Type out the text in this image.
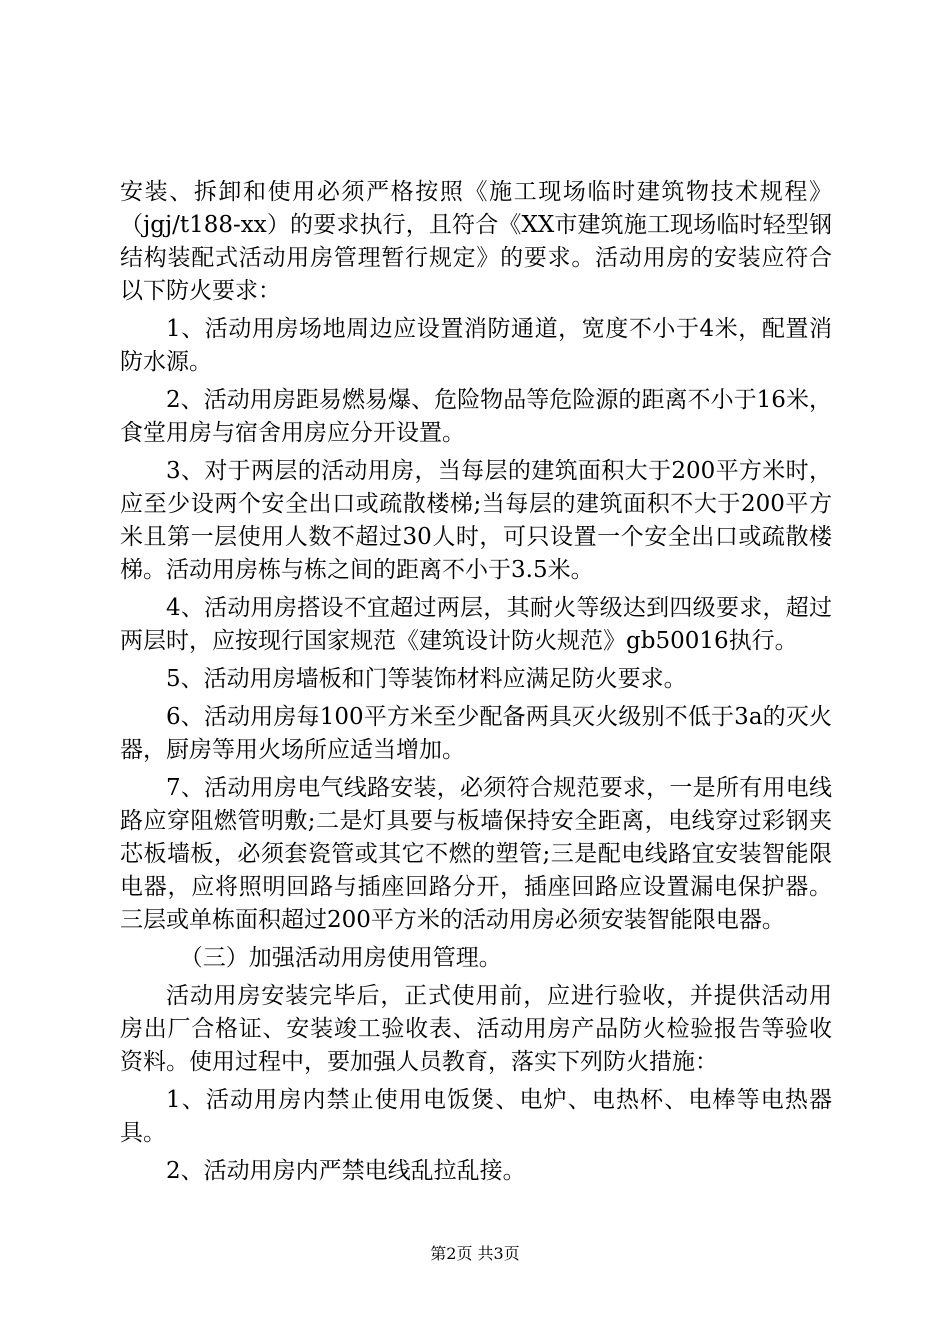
安装、拆卸和使用必须严格按照《施工现场临时建筑物技术规程》（jgj/t188-xx）的要求执行，且符合《XX市建筑施工现场临时轻型钢结构装配式活动用房管理暂行规定》的要求。活动用房的安装应符合以下防火要求：

1、活动用房场地周边应设置消防通道，宽度不小于4米，配置消防水源。

2、活动用房距易燃易爆、危险物品等危险源的距离不小于16米，食堂用房与宿舍用房应分开设置。

3、对于两层的活动用房，当每层的建筑面积大于200平方米时，应至少设两个安全出口或疏散楼梯;当每层的建筑面积不大于200平方米且第一层使用人数不超过30人时，可只设置一个安全出口或疏散楼梯。活动用房栋与栋之间的距离不小于3.5米。

4、活动用房搭设不宜超过两层，其耐火等级达到四级要求，超过两层时，应按现行国家规范《建筑设计防火规范》gb50016执行。

5、活动用房墙板和门等装饰材料应满足防火要求。

6、活动用房每100平方米至少配备两具灭火级别不低于3a的灭火器，厨房等用火场所应适当增加。

7、活动用房电气线路安装，必须符合规范要求，一是所有用电线路应穿阻燃管明敷;二是灯具要与板墙保持安全距离，电线穿过彩钢夹芯板墙板，必须套瓷管或其它不燃的塑管;三是配电线路宜安装智能限电器，应将照明回路与插座回路分开，插座回路应设置漏电保护器。三层或单栋面积超过200平方米的活动用房必须安装智能限电器。

（三）加强活动用房使用管理。

活动用房安装完毕后，正式使用前，应进行验收，并提供活动用房出厂合格证、安装竣工验收表、活动用房产品防火检验报告等验收资料。使用过程中，要加强人员教育，落实下列防火措施：

1、活动用房内禁止使用电饭煲、电炉、电热杯、电棒等电热器具。

2、活动用房内严禁电线乱拉乱接。

第2页 共3页
